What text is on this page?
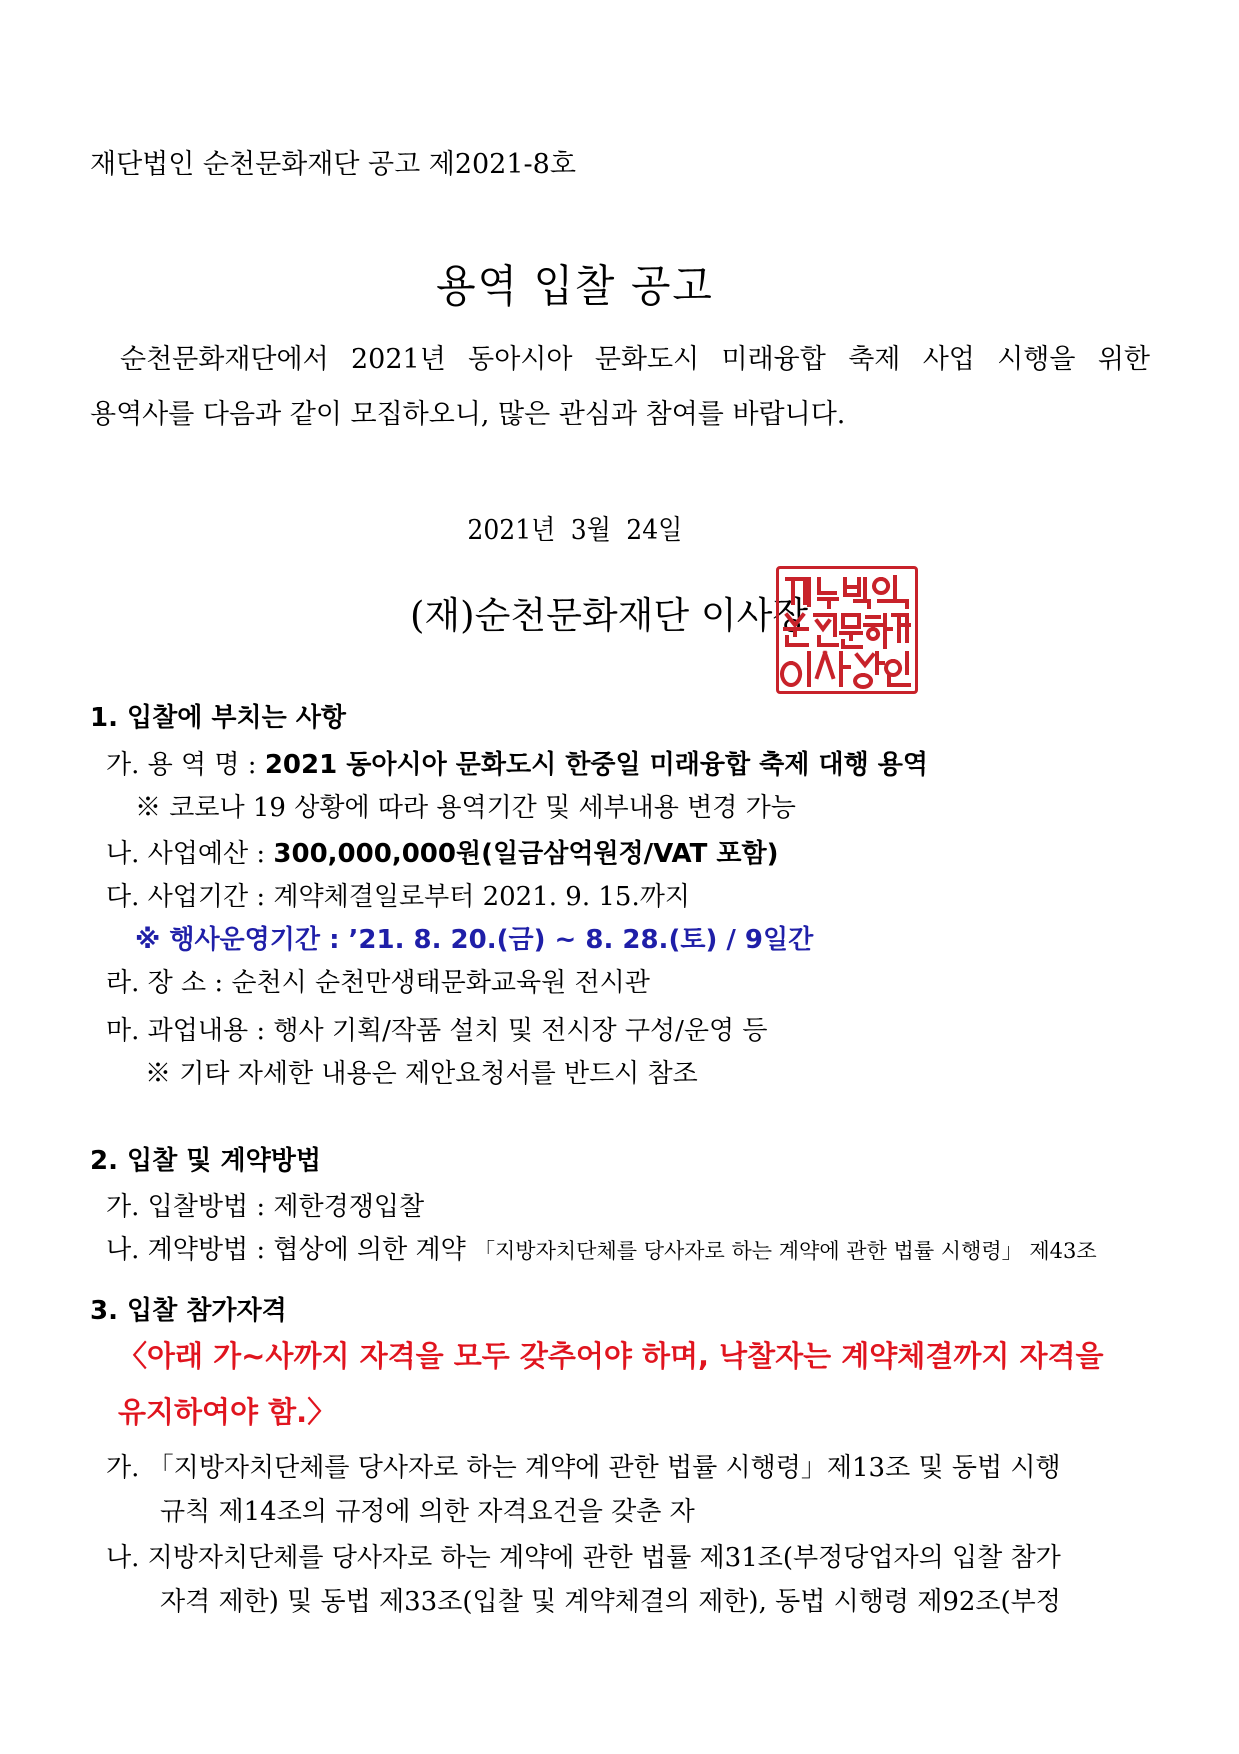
재단법인 순천문화재단 공고 제2021-8호
용역 입찰 공고
순천문화재단에서 2021년 동아시아 문화도시 미래융합 축제 사업 시행을 위한
용역사를 다음과 같이 모집하오니, 많은 관심과 참여를 바랍니다.
2021년 3월 24일
(재)순천문화재단 이사장
1. 입찰에 부치는 사항
가. 용 역 명 : 2021 동아시아 문화도시 한중일 미래융합 축제 대행 용역
※ 코로나 19 상황에 따라 용역기간 및 세부내용 변경 가능
나. 사업예산 : 300,000,000원(일금삼억원정/VAT 포함)
다. 사업기간 : 계약체결일로부터 2021. 9. 15.까지
※ 행사운영기간 : ’21. 8. 20.(금) ~ 8. 28.(토) / 9일간
라. 장 소 : 순천시 순천만생태문화교육원 전시관
마. 과업내용 : 행사 기획/작품 설치 및 전시장 구성/운영 등
※ 기타 자세한 내용은 제안요청서를 반드시 참조
2. 입찰 및 계약방법
가. 입찰방법 : 제한경쟁입찰
나. 계약방법 : 협상에 의한 계약 「지방자치단체를 당사자로 하는 계약에 관한 법률 시행령」 제43조
3. 입찰 참가자격
〈아래 가~사까지 자격을 모두 갖추어야 하며, 낙찰자는 계약체결까지 자격을
유지하여야 함.〉
가. 「지방자치단체를 당사자로 하는 계약에 관한 법률 시행령」제13조 및 동법 시행
규칙 제14조의 규정에 의한 자격요건을 갖춘 자
나. 지방자치단체를 당사자로 하는 계약에 관한 법률 제31조(부정당업자의 입찰 참가
자격 제한) 및 동법 제33조(입찰 및 계약체결의 제한), 동법 시행령 제92조(부정
